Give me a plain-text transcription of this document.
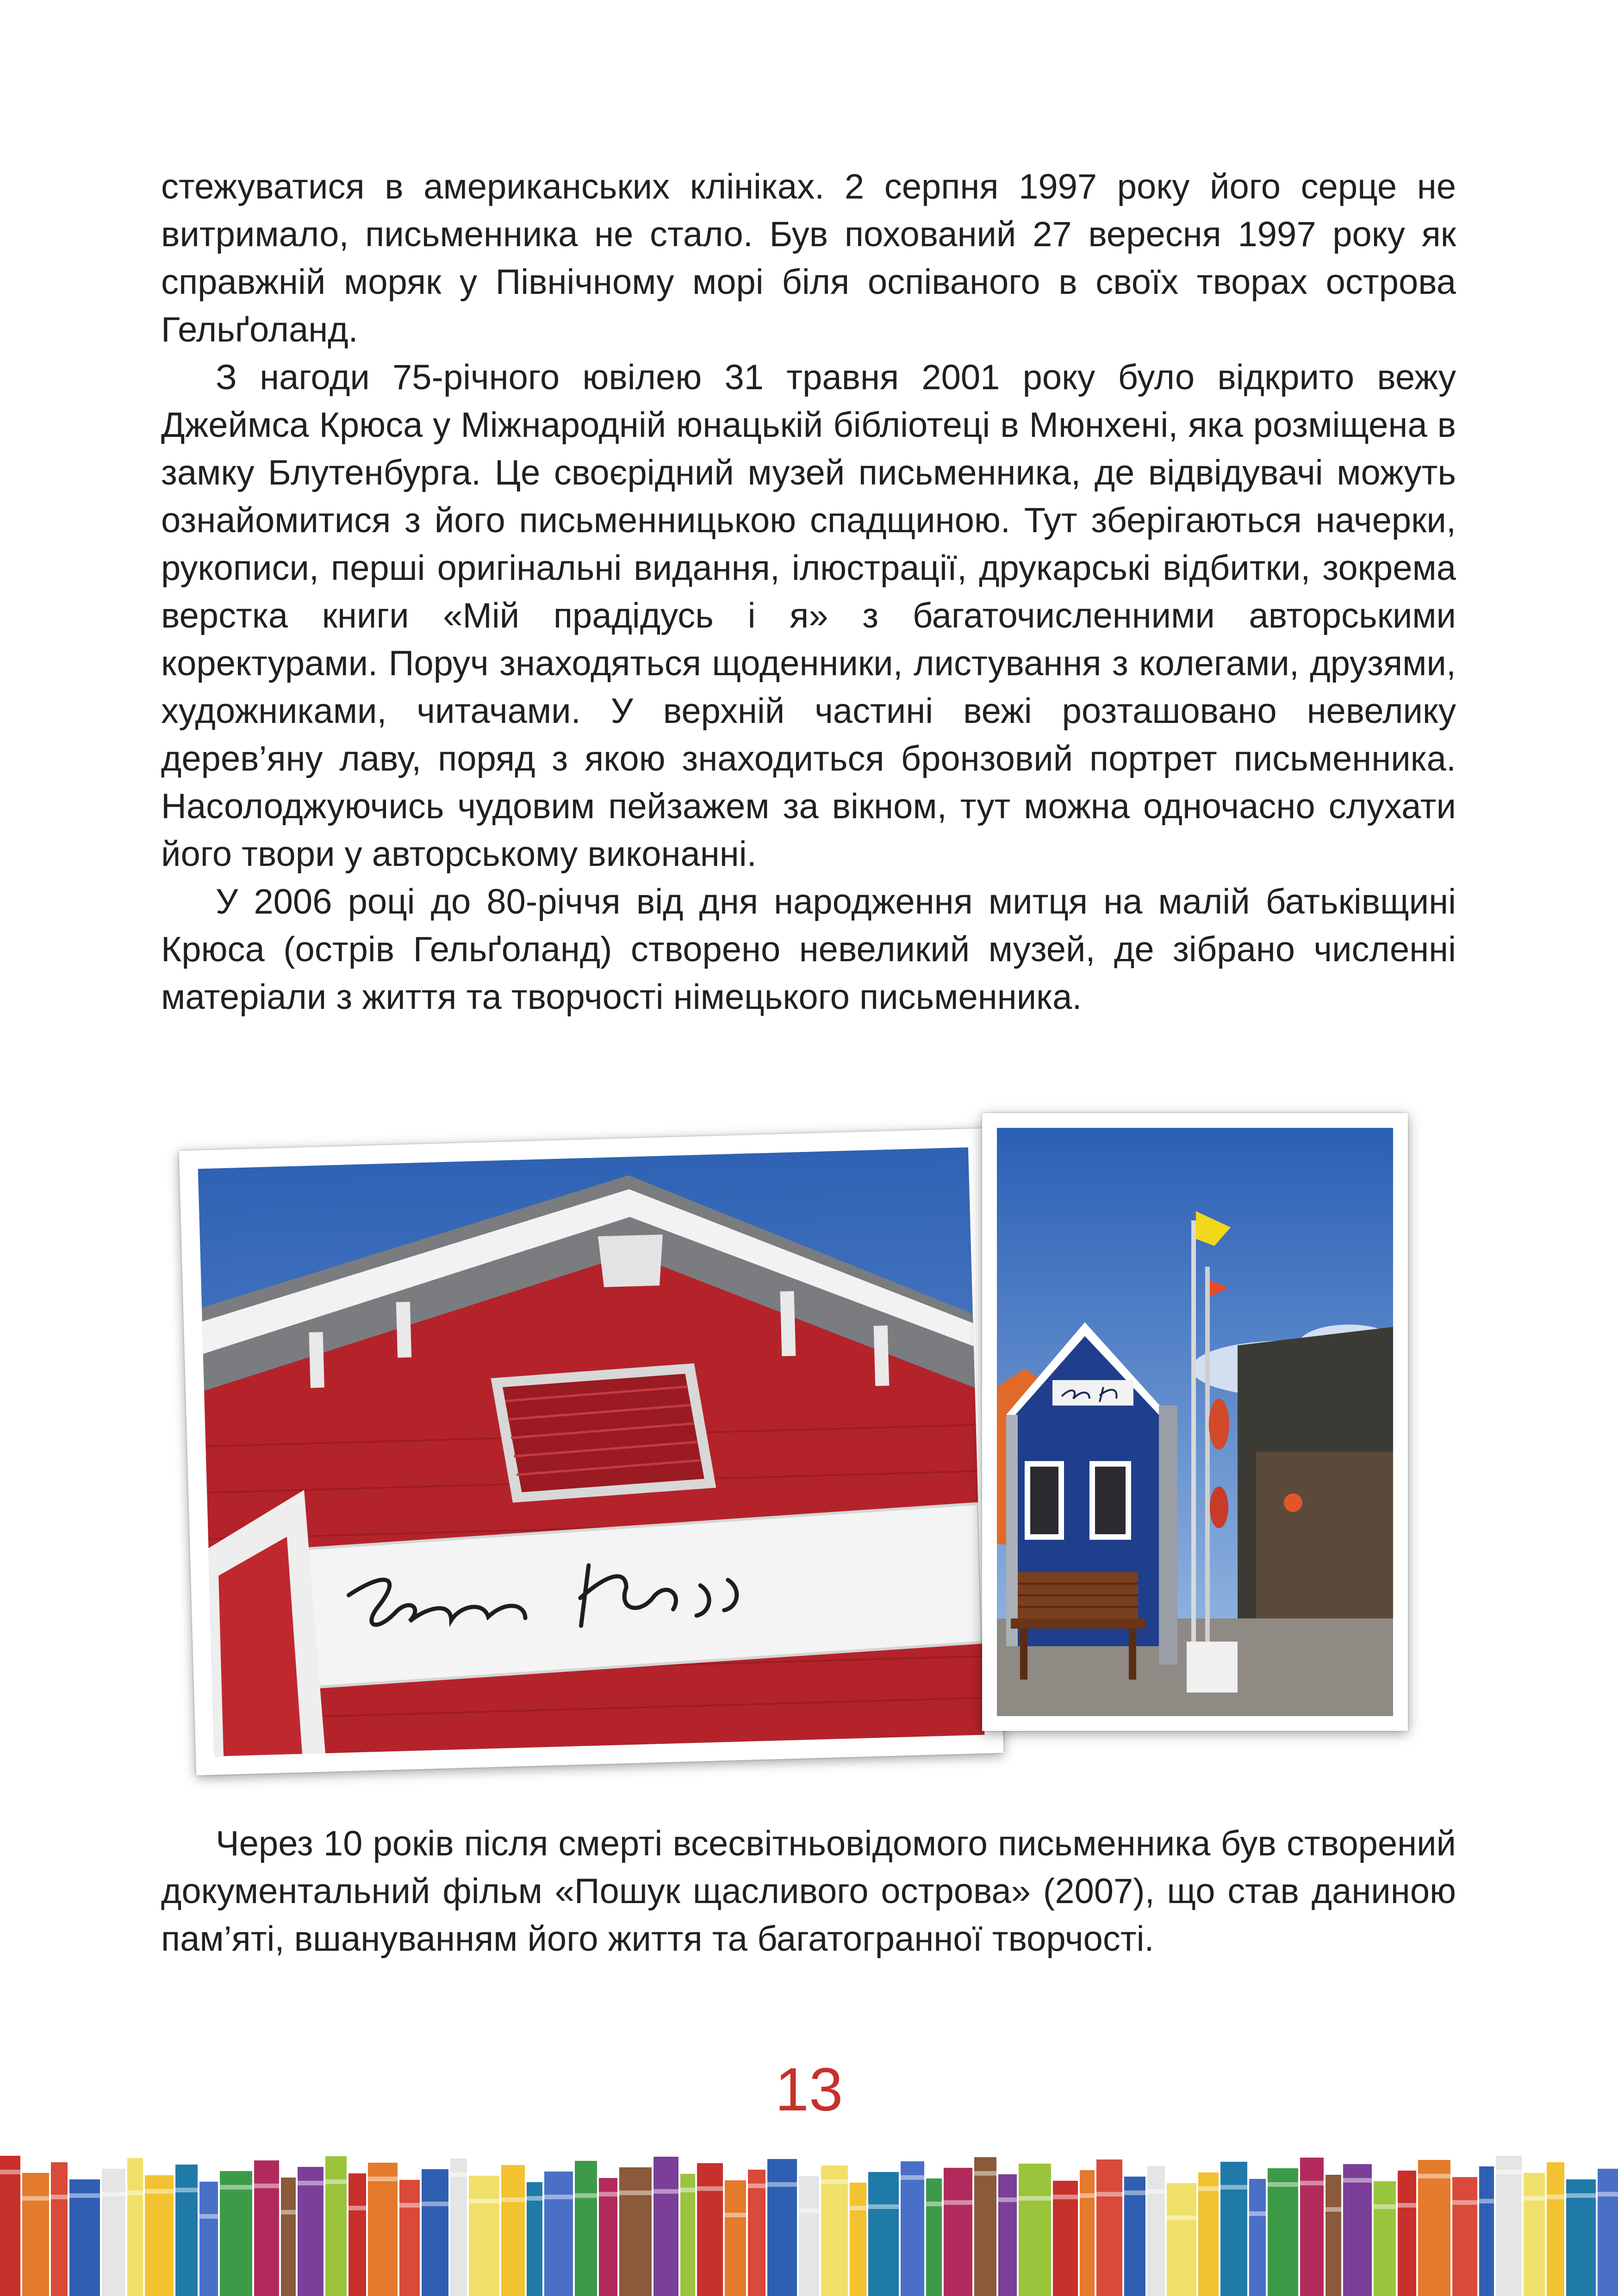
стежуватися в американських клініках. 2 серпня 1997 року його серце не витримало, письменника не стало. Був похований 27 вересня 1997 року як справжній моряк у Північному морі біля оспіваного в своїх творах острова Гельґоланд.

З нагоди 75-річного ювілею 31 травня 2001 року було відкрито вежу Джеймса Крюса у Міжнародній юнацькій бібліотеці в Мюнхені, яка розміщена в замку Блутенбурга. Це своєрідний музей письменника, де відвідувачі можуть ознайомитися з його письменницькою спадщиною. Тут зберігаються начерки, рукописи, перші оригінальні видання, ілюстрації, друкарські відбитки, зокрема верстка книги «Мій прадідусь і я» з багаточисленними авторськими коректурами. Поруч знаходяться щоденники, листування з колегами, друзями, художниками, читачами. У верхній частині вежі розташовано невелику дерев’яну лаву, поряд з якою знаходиться бронзовий портрет письменника. Насолоджуючись чудовим пейзажем за вікном, тут можна одночасно слухати його твори у авторському виконанні.

У 2006 році до 80-річчя від дня народження митця на малій батьківщині Крюса (острів Гельґоланд) створено невеликий музей, де зібрано численні матеріали з життя та творчості німецького письменника.

Через 10 років після смерті всесвітньовідомого письменника був створений документальний фільм «Пошук щасливого острова» (2007), що став даниною пам’яті, вшануванням його життя та багатогранної творчості.

13
